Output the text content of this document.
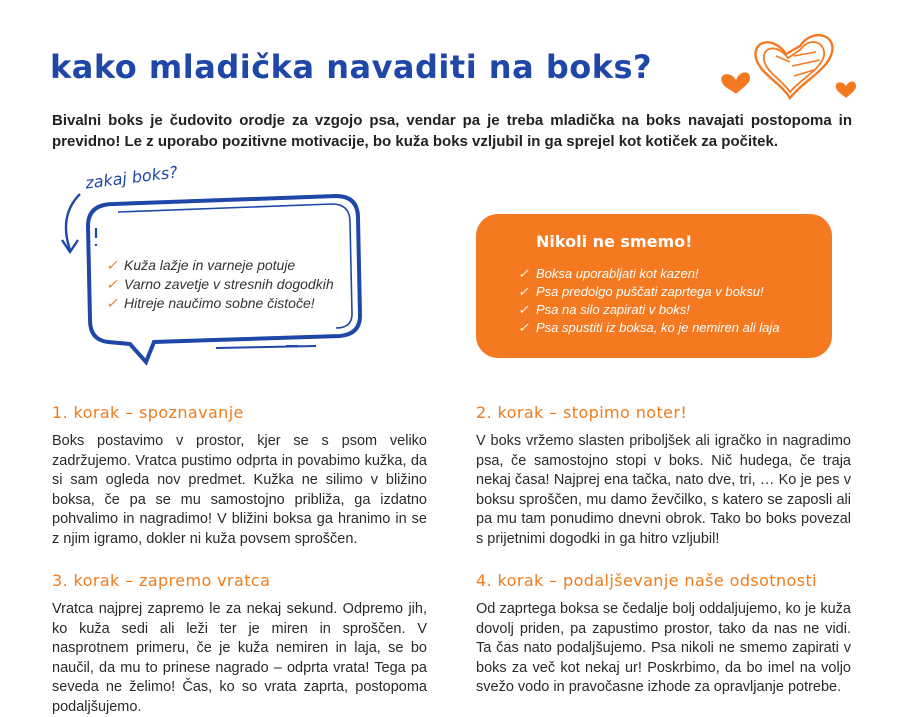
kako mladička navaditi na boks?

Bivalni boks je čudovito orodje za vzgojo psa, vendar pa je treba mladička na boks navajati postopoma in previdno! Le z uporabo pozitivne motivacije, bo kuža boks vzljubil in ga sprejel kot kotiček za počitek.

zakaj boks?

✓ Kuža lažje in varneje potuje
✓ Varno zavetje v stresnih dogodkih
✓ Hitreje naučimo sobne čistoče!

Nikoli ne smemo!

✓ Boksa uporabljati kot kazen!
✓ Psa predolgo puščati zaprtega v boksu!
✓ Psa na silo zapirati v boks!
✓ Psa spustiti iz boksa, ko je nemiren ali laja
1. korak – spoznavanje

Boks postavimo v prostor, kjer se s psom veliko zadržujemo. Vratca pustimo odprta in povabimo kužka, da si sam ogleda nov predmet. Kužka ne silimo v bližino boksa, če pa se mu samostojno približa, ga izdatno pohvalimo in nagradimo! V bližini boksa ga hranimo in se z njim igramo, dokler ni kuža povsem sproščen.

2. korak – stopimo noter!

V boks vržemo slasten priboljšek ali igračko in nagradimo psa, če samostojno stopi v boks. Nič hudega, če traja nekaj časa! Najprej ena tačka, nato dve, tri, … Ko je pes v boksu sproščen, mu damo ževčilko, s katero se zaposli ali pa mu tam ponudimo dnevni obrok. Tako bo boks povezal s prijetnimi dogodki in ga hitro vzljubil!

3. korak – zapremo vratca

Vratca najprej zapremo le za nekaj sekund. Odpremo jih, ko kuža sedi ali leži ter je miren in sproščen. V nasprotnem primeru, če je kuža nemiren in laja, se bo naučil, da mu to prinese nagrado – odprta vrata! Tega pa seveda ne želimo! Čas, ko so vrata zaprta, postopoma podaljšujemo.

4. korak – podaljševanje naše odsotnosti

Od zaprtega boksa se čedalje bolj oddaljujemo, ko je kuža dovolj priden, pa zapustimo prostor, tako da nas ne vidi. Ta čas nato podaljšujemo. Psa nikoli ne smemo zapirati v boks za več kot nekaj ur! Poskrbimo, da bo imel na voljo svežo vodo in pravočasne izhode za opravljanje potrebe.
